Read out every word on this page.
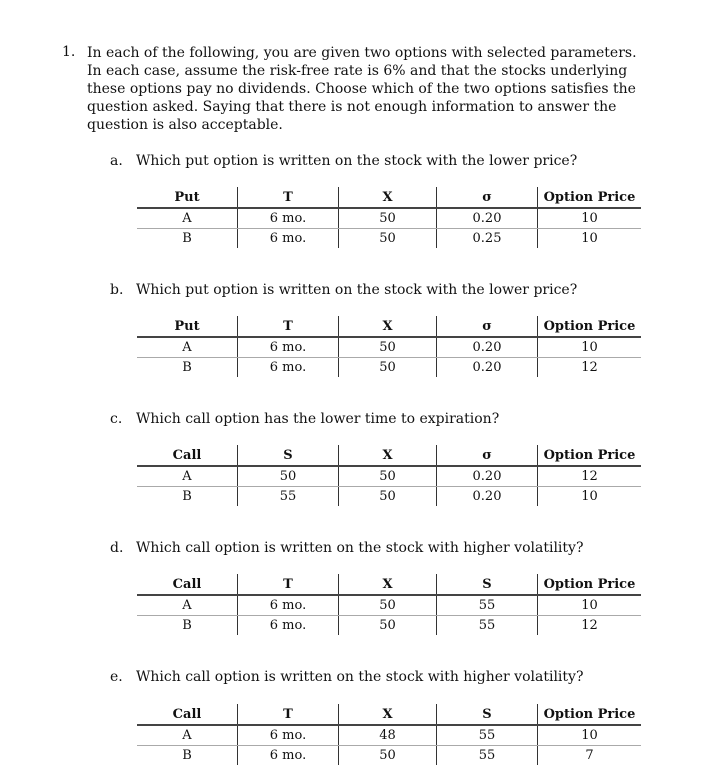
1. In each of the following, you are given two options with selected parameters. In each case, assume the risk-free rate is 6% and that the stocks underlying these options pay no dividends. Choose which of the two options satisfies the question asked. Saying that there is not enough information to answer the question is also acceptable.
a. Which put option is written on the stock with the lower price?
Put	T	X	σ	Option Price
A	6 mo.	50	0.20	10
B	6 mo.	50	0.25	10
b. Which put option is written on the stock with the lower price?
Put	T	X	σ	Option Price
A	6 mo.	50	0.20	10
B	6 mo.	50	0.20	12
c. Which call option has the lower time to expiration?
Call	S	X	σ	Option Price
A	50	50	0.20	12
B	55	50	0.20	10
d. Which call option is written on the stock with higher volatility?
Call	T	X	S	Option Price
A	6 mo.	50	55	10
B	6 mo.	50	55	12
e. Which call option is written on the stock with higher volatility?
Call	T	X	S	Option Price
A	6 mo.	48	55	10
B	6 mo.	50	55	7
